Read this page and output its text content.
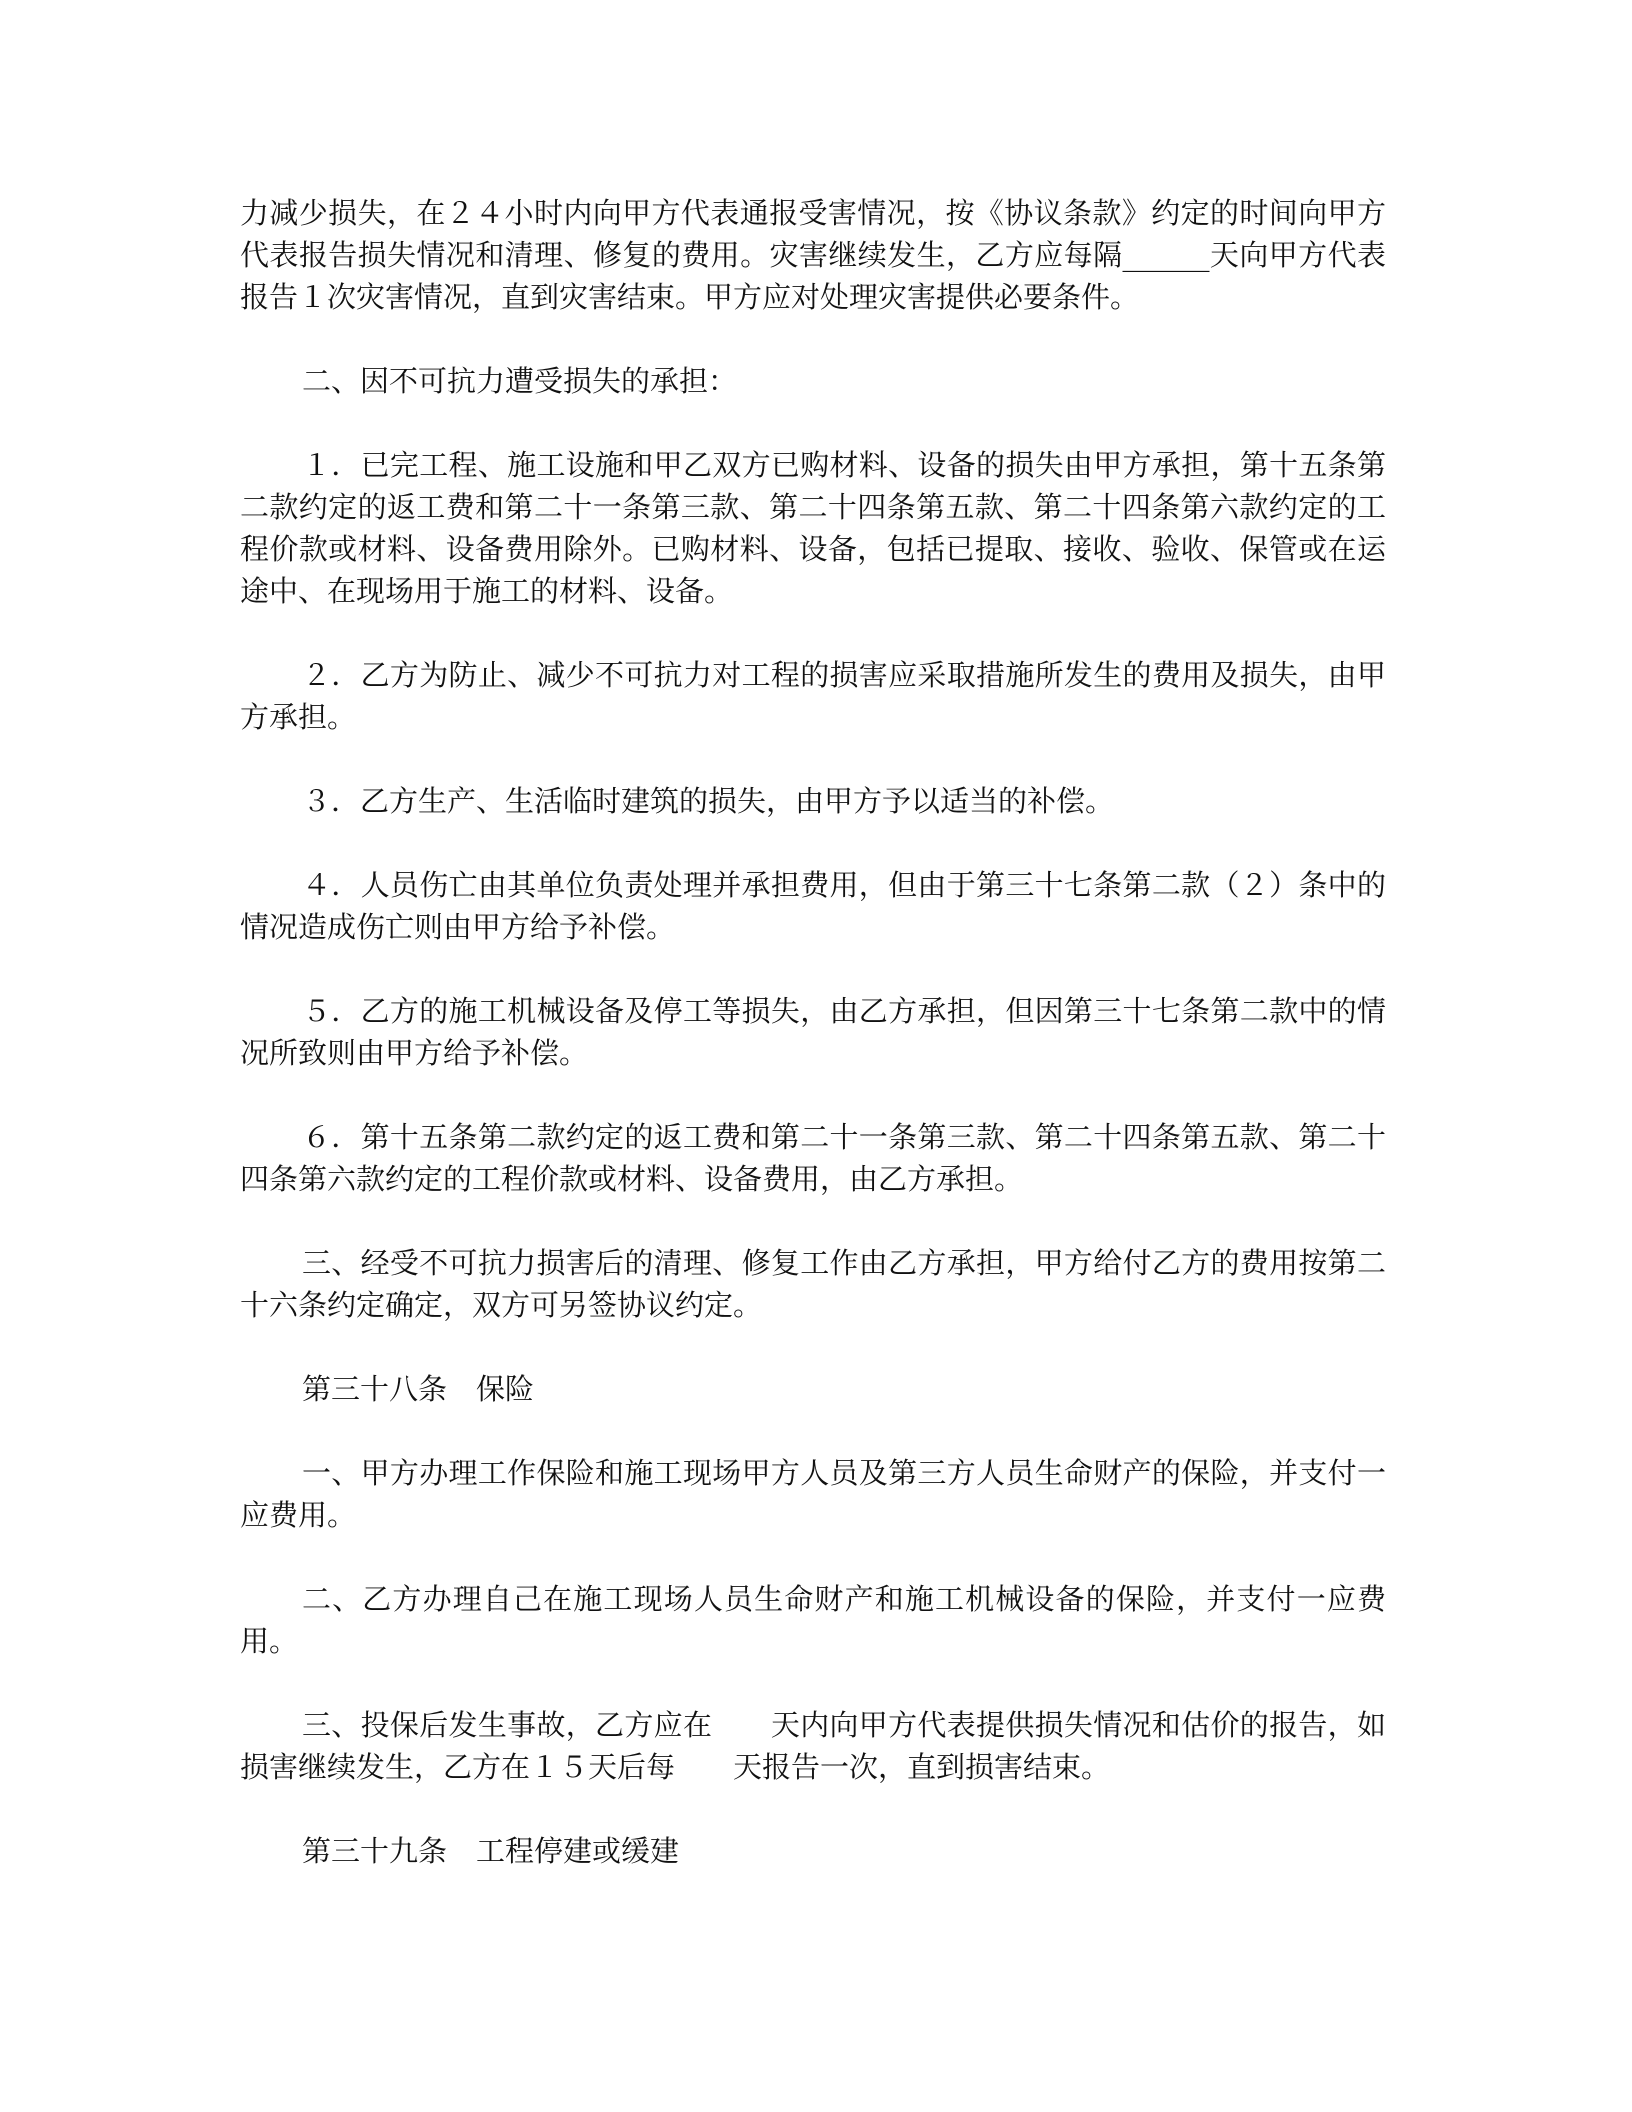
力减少损失，在２４小时内向甲方代表通报受害情况，按《协议条款》约定的时间向甲方代表报告损失情况和清理、修复的费用。灾害继续发生，乙方应每隔______天向甲方代表报告１次灾害情况，直到灾害结束。甲方应对处理灾害提供必要条件。

二、因不可抗力遭受损失的承担：

１．已完工程、施工设施和甲乙双方已购材料、设备的损失由甲方承担，第十五条第二款约定的返工费和第二十一条第三款、第二十四条第五款、第二十四条第六款约定的工程价款或材料、设备费用除外。已购材料、设备，包括已提取、接收、验收、保管或在运途中、在现场用于施工的材料、设备。

２．乙方为防止、减少不可抗力对工程的损害应采取措施所发生的费用及损失，由甲方承担。

３．乙方生产、生活临时建筑的损失，由甲方予以适当的补偿。

４．人员伤亡由其单位负责处理并承担费用，但由于第三十七条第二款（２）条中的情况造成伤亡则由甲方给予补偿。

５．乙方的施工机械设备及停工等损失，由乙方承担，但因第三十七条第二款中的情况所致则由甲方给予补偿。

６．第十五条第二款约定的返工费和第二十一条第三款、第二十四条第五款、第二十四条第六款约定的工程价款或材料、设备费用，由乙方承担。

三、经受不可抗力损害后的清理、修复工作由乙方承担，甲方给付乙方的费用按第二十六条约定确定，双方可另签协议约定。

第三十八条　保险

一、甲方办理工作保险和施工现场甲方人员及第三方人员生命财产的保险，并支付一应费用。

二、乙方办理自己在施工现场人员生命财产和施工机械设备的保险，并支付一应费用。

三、投保后发生事故，乙方应在　　天内向甲方代表提供损失情况和估价的报告，如损害继续发生，乙方在１５天后每　　天报告一次，直到损害结束。

第三十九条　工程停建或缓建
